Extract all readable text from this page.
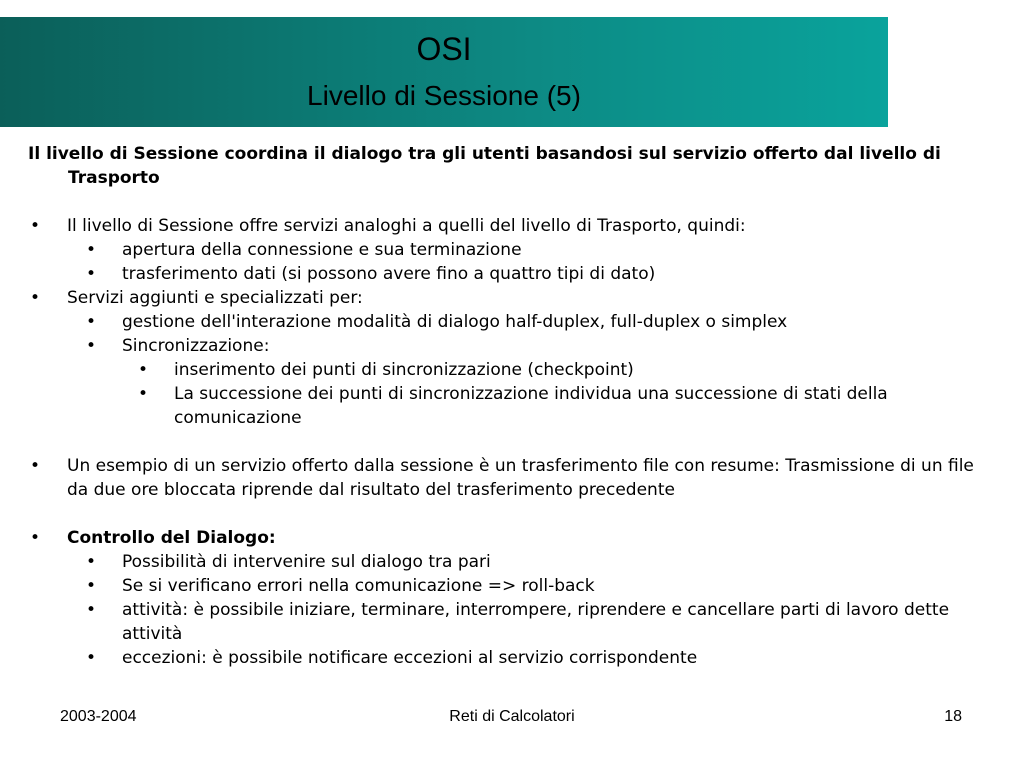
OSI
Livello di Sessione (5)

Il livello di Sessione coordina il dialogo tra gli utenti basandosi sul servizio offerto dal livello di Trasporto

• Il livello di Sessione offre servizi analoghi a quelli del livello di Trasporto, quindi:

• apertura della connessione e sua terminazione

• trasferimento dati (si possono avere fino a quattro tipi di dato)

• Servizi aggiunti e specializzati per:

• gestione dell'interazione modalità di dialogo half-duplex, full-duplex o simplex

• Sincronizzazione:

• inserimento dei punti di sincronizzazione (checkpoint)

• La successione dei punti di sincronizzazione individua una successione di stati della comunicazione

• Un esempio di un servizio offerto dalla sessione è un trasferimento file con resume: Trasmissione di un file da due ore bloccata riprende dal risultato del trasferimento precedente

• Controllo del Dialogo:

• Possibilità di intervenire sul dialogo tra pari

• Se si verificano errori nella comunicazione => roll-back

• attività: è possibile iniziare, terminare, interrompere, riprendere e cancellare parti di lavoro dette attività

• eccezioni: è possibile notificare eccezioni al servizio corrispondente

2003-2004	Reti di Calcolatori	18
